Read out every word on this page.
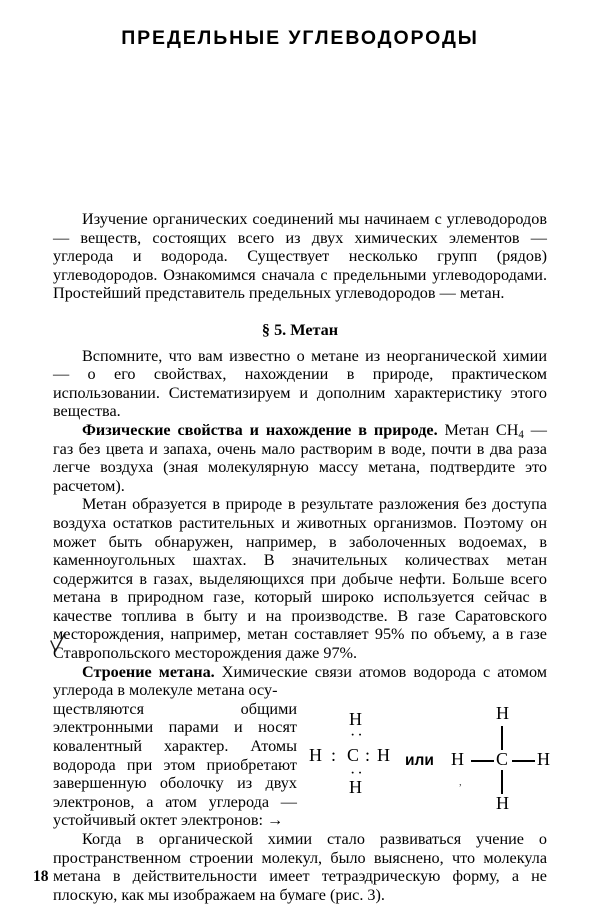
ПРЕДЕЛЬНЫЕ УГЛЕВОДОРОДЫ

Изучение органических соединений мы начинаем с углеводородов — веществ, состоящих всего из двух химических элементов — углерода и водорода. Существует несколько групп (рядов) углеводородов. Ознакомимся сначала с предельными углеводородами. Простейший представитель предельных углеводородов — метан.

§ 5. Метан

Вспомните, что вам известно о метане из неорганической химии — о его свойствах, нахождении в природе, практическом использовании. Систематизируем и дополним характеристику этого вещества.

Физические свойства и нахождение в природе. Метан $CH_4$ — газ без цвета и запаха, очень мало растворим в воде, почти в два раза легче воздуха (зная молекулярную массу метана, подтвердите это расчетом).

Метан образуется в природе в результате разложения без доступа воздуха остатков растительных и животных организмов. Поэтому он может быть обнаружен, например, в заболоченных водоемах, в каменноугольных шахтах. В значительных количествах метан содержится в газах, выделяющихся при добыче нефти. Больше всего метана в природном газе, который широко используется сейчас в качестве топлива в быту и на производстве. В газе Саратовского месторождения, например, метан составляет 95% по объему, а в газе Ставропольского месторождения даже 97%.

Строение метана. Химические связи атомов водорода с атомом углерода в молекуле метана осу-

ществляются общими электронными парами и носят ковалентный характер. Атомы водорода при этом приобретают завершенную оболочку из двух электронов, а атом углерода — устойчивый октет электронов: →

H
··
H : C : H
··
H
или
H
H C H
H
,

Когда в органической химии стало развиваться учение о пространственном строении молекул, было выяснено, что молекула метана в действительности имеет тетраэдрическую форму, а не плоскую, как мы изображаем на бумаге (рис. 3).

18
